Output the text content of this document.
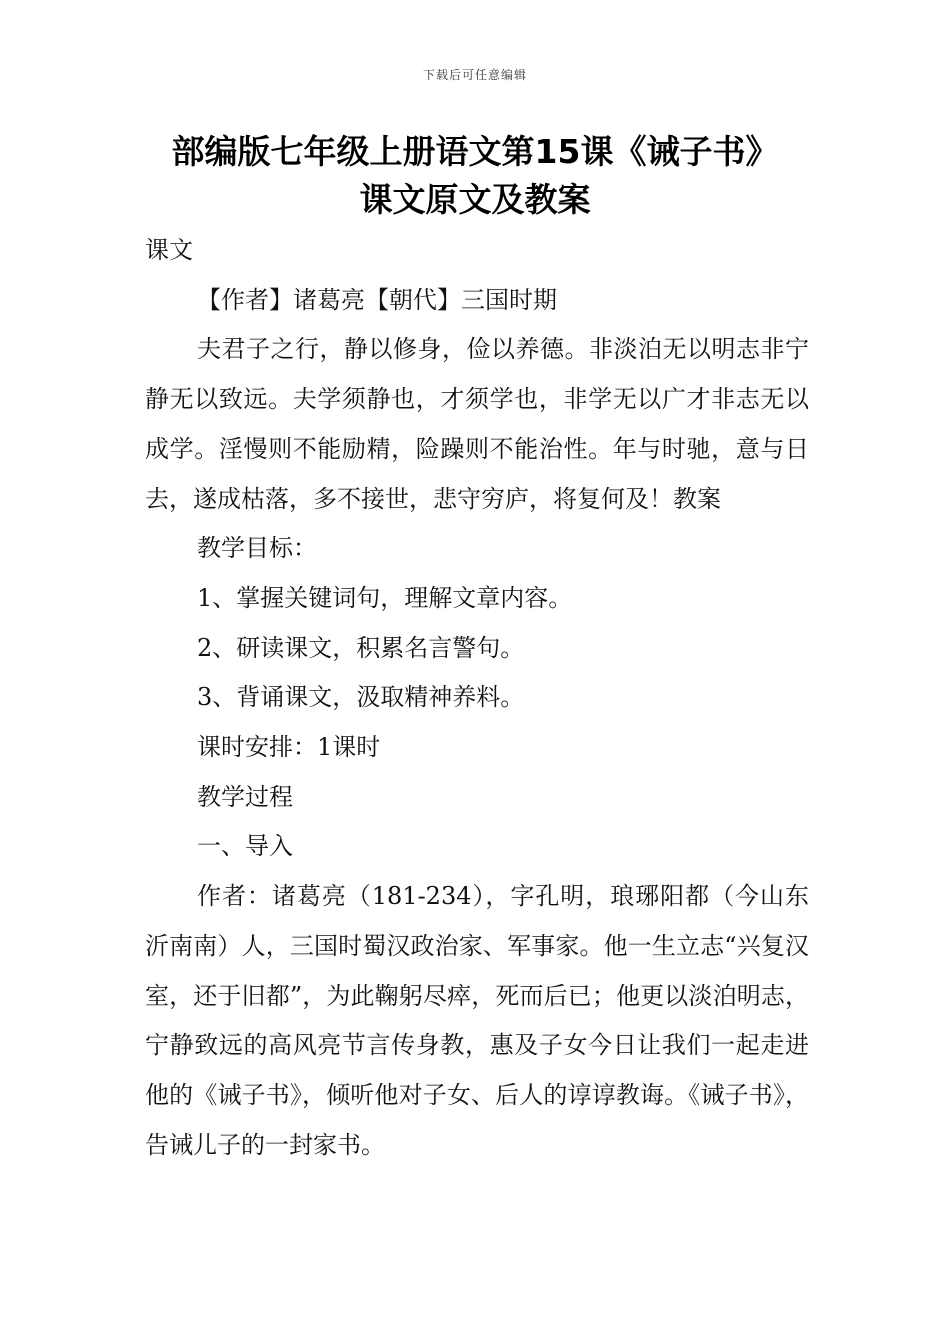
下载后可任意编辑
部编版七年级上册语文第15课《诫子书》
课文原文及教案

课文

【作者】诸葛亮【朝代】三国时期

夫君子之行，静以修身，俭以养德。非淡泊无以明志非宁静无以致远。夫学须静也，才须学也，非学无以广才非志无以成学。淫慢则不能励精，险躁则不能治性。年与时驰，意与日去，遂成枯落，多不接世，悲守穷庐，将复何及！教案

教学目标：

1、掌握关键词句，理解文章内容。

2、研读课文，积累名言警句。

3、背诵课文，汲取精神养料。

课时安排：1课时

教学过程

一、导入

作者：诸葛亮（181-234），字孔明，琅琊阳都（今山东沂南南）人，三国时蜀汉政治家、军事家。他一生立志“兴复汉室，还于旧都”，为此鞠躬尽瘁，死而后已；他更以淡泊明志，宁静致远的高风亮节言传身教，惠及子女今日让我们一起走进他的《诫子书》，倾听他对子女、后人的谆谆教诲。《诫子书》，告诫儿子的一封家书。
